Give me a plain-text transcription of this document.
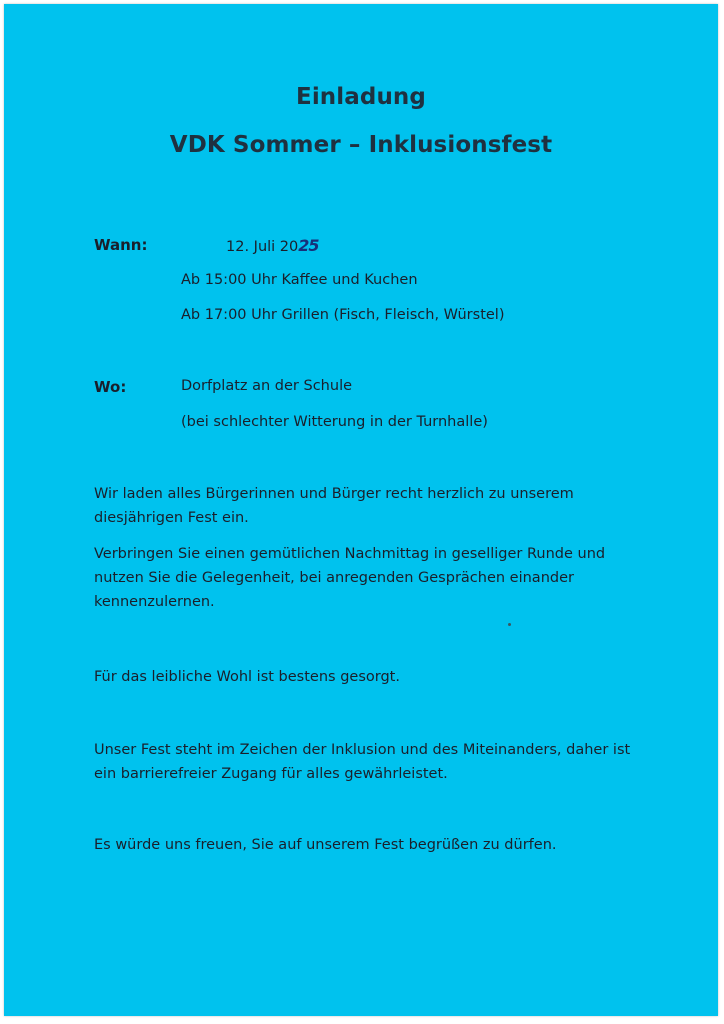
Einladung
VDK Sommer – Inklusionsfest
Wann:	12. Juli 2025
Ab 15:00 Uhr Kaffee und Kuchen
Ab 17:00 Uhr Grillen (Fisch, Fleisch, Würstel)
Wo:	Dorfplatz an der Schule
(bei schlechter Witterung in der Turnhalle)
Wir laden alles Bürgerinnen und Bürger recht herzlich zu unserem diesjährigen Fest ein.
Verbringen Sie einen gemütlichen Nachmittag in geselliger Runde und nutzen Sie die Gelegenheit, bei anregenden Gesprächen einander kennenzulernen.
Für das leibliche Wohl ist bestens gesorgt.
Unser Fest steht im Zeichen der Inklusion und des Miteinanders, daher ist ein barrierefreier Zugang für alles gewährleistet.
Es würde uns freuen, Sie auf unserem Fest begrüßen zu dürfen.
